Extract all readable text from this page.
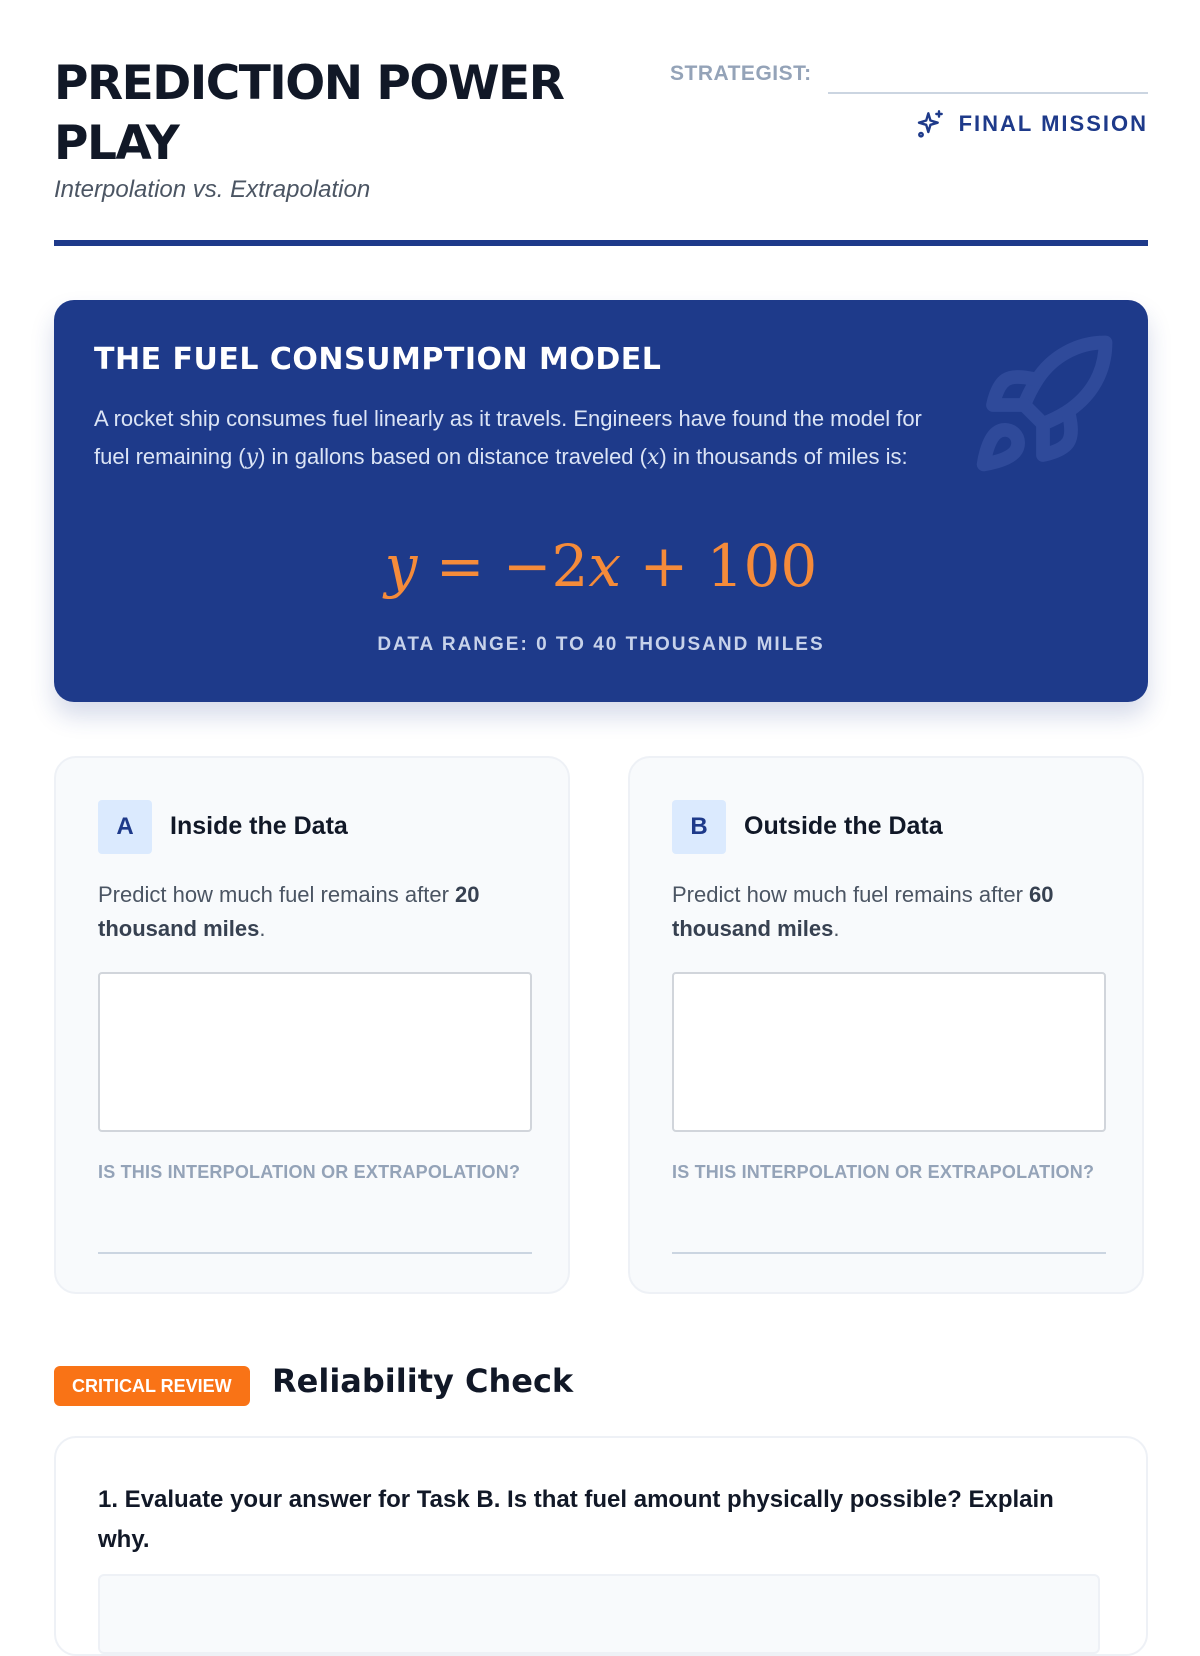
PREDICTION POWER PLAY
Interpolation vs. Extrapolation
STRATEGIST:
FINAL MISSION
THE FUEL CONSUMPTION MODEL

A rocket ship consumes fuel linearly as it travels. Engineers have found the model for fuel remaining (y) in gallons based on distance traveled (x) in thousands of miles is:

y = −2x + 100
DATA RANGE: 0 TO 40 THOUSAND MILES
A	Inside the Data

Predict how much fuel remains after 20 thousand miles.

IS THIS INTERPOLATION OR EXTRAPOLATION?
B	Outside the Data

Predict how much fuel remains after 60 thousand miles.

IS THIS INTERPOLATION OR EXTRAPOLATION?
CRITICAL REVIEW	Reliability Check

1. Evaluate your answer for Task B. Is that fuel amount physically possible? Explain why.
